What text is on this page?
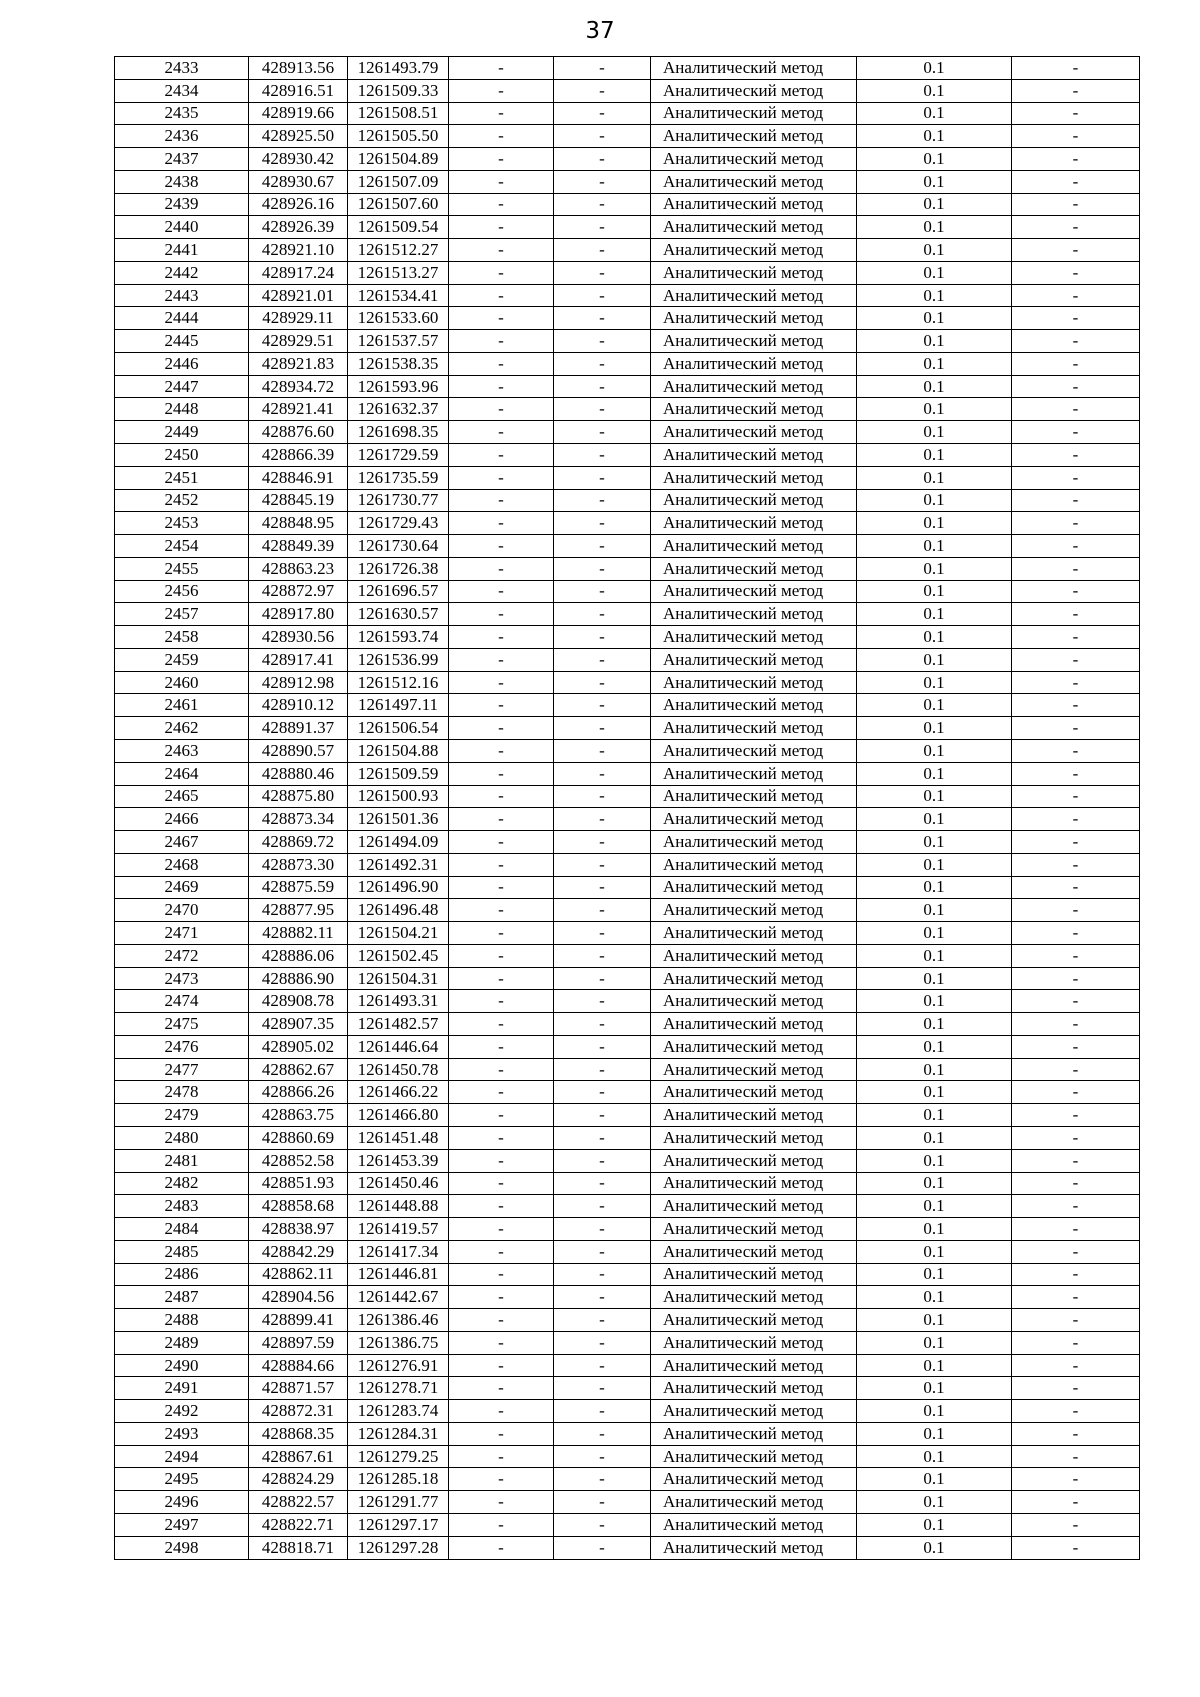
37
2433	428913.56	1261493.79	-	-	Аналитический метод	0.1	-
2434	428916.51	1261509.33	-	-	Аналитический метод	0.1	-
2435	428919.66	1261508.51	-	-	Аналитический метод	0.1	-
2436	428925.50	1261505.50	-	-	Аналитический метод	0.1	-
2437	428930.42	1261504.89	-	-	Аналитический метод	0.1	-
2438	428930.67	1261507.09	-	-	Аналитический метод	0.1	-
2439	428926.16	1261507.60	-	-	Аналитический метод	0.1	-
2440	428926.39	1261509.54	-	-	Аналитический метод	0.1	-
2441	428921.10	1261512.27	-	-	Аналитический метод	0.1	-
2442	428917.24	1261513.27	-	-	Аналитический метод	0.1	-
2443	428921.01	1261534.41	-	-	Аналитический метод	0.1	-
2444	428929.11	1261533.60	-	-	Аналитический метод	0.1	-
2445	428929.51	1261537.57	-	-	Аналитический метод	0.1	-
2446	428921.83	1261538.35	-	-	Аналитический метод	0.1	-
2447	428934.72	1261593.96	-	-	Аналитический метод	0.1	-
2448	428921.41	1261632.37	-	-	Аналитический метод	0.1	-
2449	428876.60	1261698.35	-	-	Аналитический метод	0.1	-
2450	428866.39	1261729.59	-	-	Аналитический метод	0.1	-
2451	428846.91	1261735.59	-	-	Аналитический метод	0.1	-
2452	428845.19	1261730.77	-	-	Аналитический метод	0.1	-
2453	428848.95	1261729.43	-	-	Аналитический метод	0.1	-
2454	428849.39	1261730.64	-	-	Аналитический метод	0.1	-
2455	428863.23	1261726.38	-	-	Аналитический метод	0.1	-
2456	428872.97	1261696.57	-	-	Аналитический метод	0.1	-
2457	428917.80	1261630.57	-	-	Аналитический метод	0.1	-
2458	428930.56	1261593.74	-	-	Аналитический метод	0.1	-
2459	428917.41	1261536.99	-	-	Аналитический метод	0.1	-
2460	428912.98	1261512.16	-	-	Аналитический метод	0.1	-
2461	428910.12	1261497.11	-	-	Аналитический метод	0.1	-
2462	428891.37	1261506.54	-	-	Аналитический метод	0.1	-
2463	428890.57	1261504.88	-	-	Аналитический метод	0.1	-
2464	428880.46	1261509.59	-	-	Аналитический метод	0.1	-
2465	428875.80	1261500.93	-	-	Аналитический метод	0.1	-
2466	428873.34	1261501.36	-	-	Аналитический метод	0.1	-
2467	428869.72	1261494.09	-	-	Аналитический метод	0.1	-
2468	428873.30	1261492.31	-	-	Аналитический метод	0.1	-
2469	428875.59	1261496.90	-	-	Аналитический метод	0.1	-
2470	428877.95	1261496.48	-	-	Аналитический метод	0.1	-
2471	428882.11	1261504.21	-	-	Аналитический метод	0.1	-
2472	428886.06	1261502.45	-	-	Аналитический метод	0.1	-
2473	428886.90	1261504.31	-	-	Аналитический метод	0.1	-
2474	428908.78	1261493.31	-	-	Аналитический метод	0.1	-
2475	428907.35	1261482.57	-	-	Аналитический метод	0.1	-
2476	428905.02	1261446.64	-	-	Аналитический метод	0.1	-
2477	428862.67	1261450.78	-	-	Аналитический метод	0.1	-
2478	428866.26	1261466.22	-	-	Аналитический метод	0.1	-
2479	428863.75	1261466.80	-	-	Аналитический метод	0.1	-
2480	428860.69	1261451.48	-	-	Аналитический метод	0.1	-
2481	428852.58	1261453.39	-	-	Аналитический метод	0.1	-
2482	428851.93	1261450.46	-	-	Аналитический метод	0.1	-
2483	428858.68	1261448.88	-	-	Аналитический метод	0.1	-
2484	428838.97	1261419.57	-	-	Аналитический метод	0.1	-
2485	428842.29	1261417.34	-	-	Аналитический метод	0.1	-
2486	428862.11	1261446.81	-	-	Аналитический метод	0.1	-
2487	428904.56	1261442.67	-	-	Аналитический метод	0.1	-
2488	428899.41	1261386.46	-	-	Аналитический метод	0.1	-
2489	428897.59	1261386.75	-	-	Аналитический метод	0.1	-
2490	428884.66	1261276.91	-	-	Аналитический метод	0.1	-
2491	428871.57	1261278.71	-	-	Аналитический метод	0.1	-
2492	428872.31	1261283.74	-	-	Аналитический метод	0.1	-
2493	428868.35	1261284.31	-	-	Аналитический метод	0.1	-
2494	428867.61	1261279.25	-	-	Аналитический метод	0.1	-
2495	428824.29	1261285.18	-	-	Аналитический метод	0.1	-
2496	428822.57	1261291.77	-	-	Аналитический метод	0.1	-
2497	428822.71	1261297.17	-	-	Аналитический метод	0.1	-
2498	428818.71	1261297.28	-	-	Аналитический метод	0.1	-
